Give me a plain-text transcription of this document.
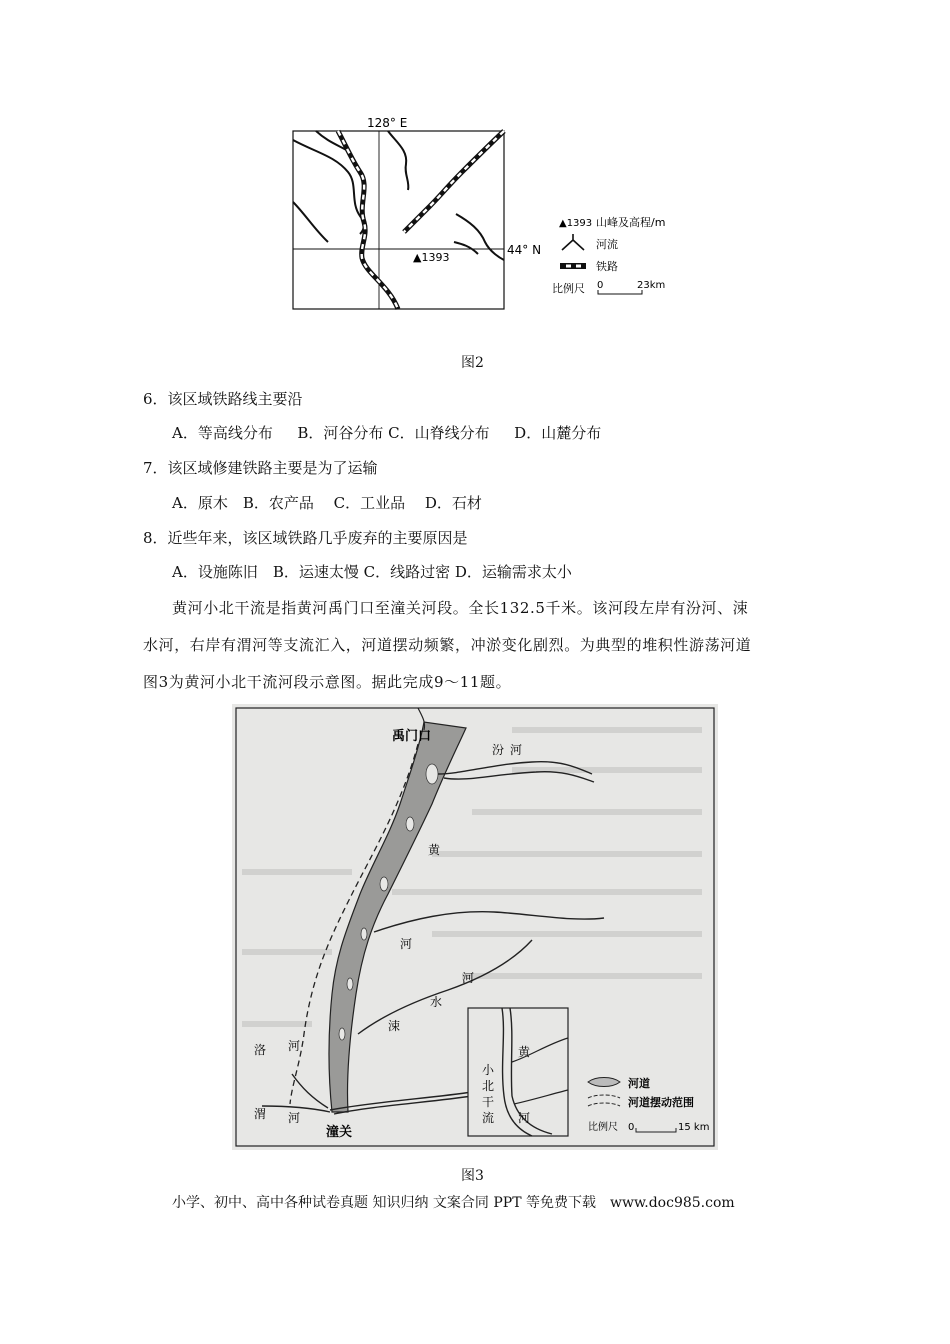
128° E
44° N
▲1393
▲1393 山峰及高程/m
河流
铁路
比例尺 0	23km
图2
6．该区域铁路线主要沿
A．等高线分布 　 B．河谷分布 C．山脊线分布 　 D．山麓分布
7．该区域修建铁路主要是为了运输
A．原木　B．农产品　 C．工业品　 D．石材
8．近些年来，该区域铁路几乎废弃的主要原因是
A．设施陈旧　B．运速太慢 C．线路过密 D．运输需求太小
黄河小北干流是指黄河禹门口至潼关河段。全长132.5千米。该河段左岸有汾河、涑
水河，右岸有渭河等支流汇入，河道摆动频繁，冲淤变化剧烈。为典型的堆积性游荡河道
图3为黄河小北干流河段示意图。据此完成9～11题。
禹门口
汾 河
黄
河
涑
水
河
洛 河
渭 河
潼关
黄
小
北
干
流 河
河道
河道摆动范围
比例尺 0	15 km
图3
小学、初中、高中各种试卷真题 知识归纳 文案合同 PPT 等免费下载　www.doc985.com
